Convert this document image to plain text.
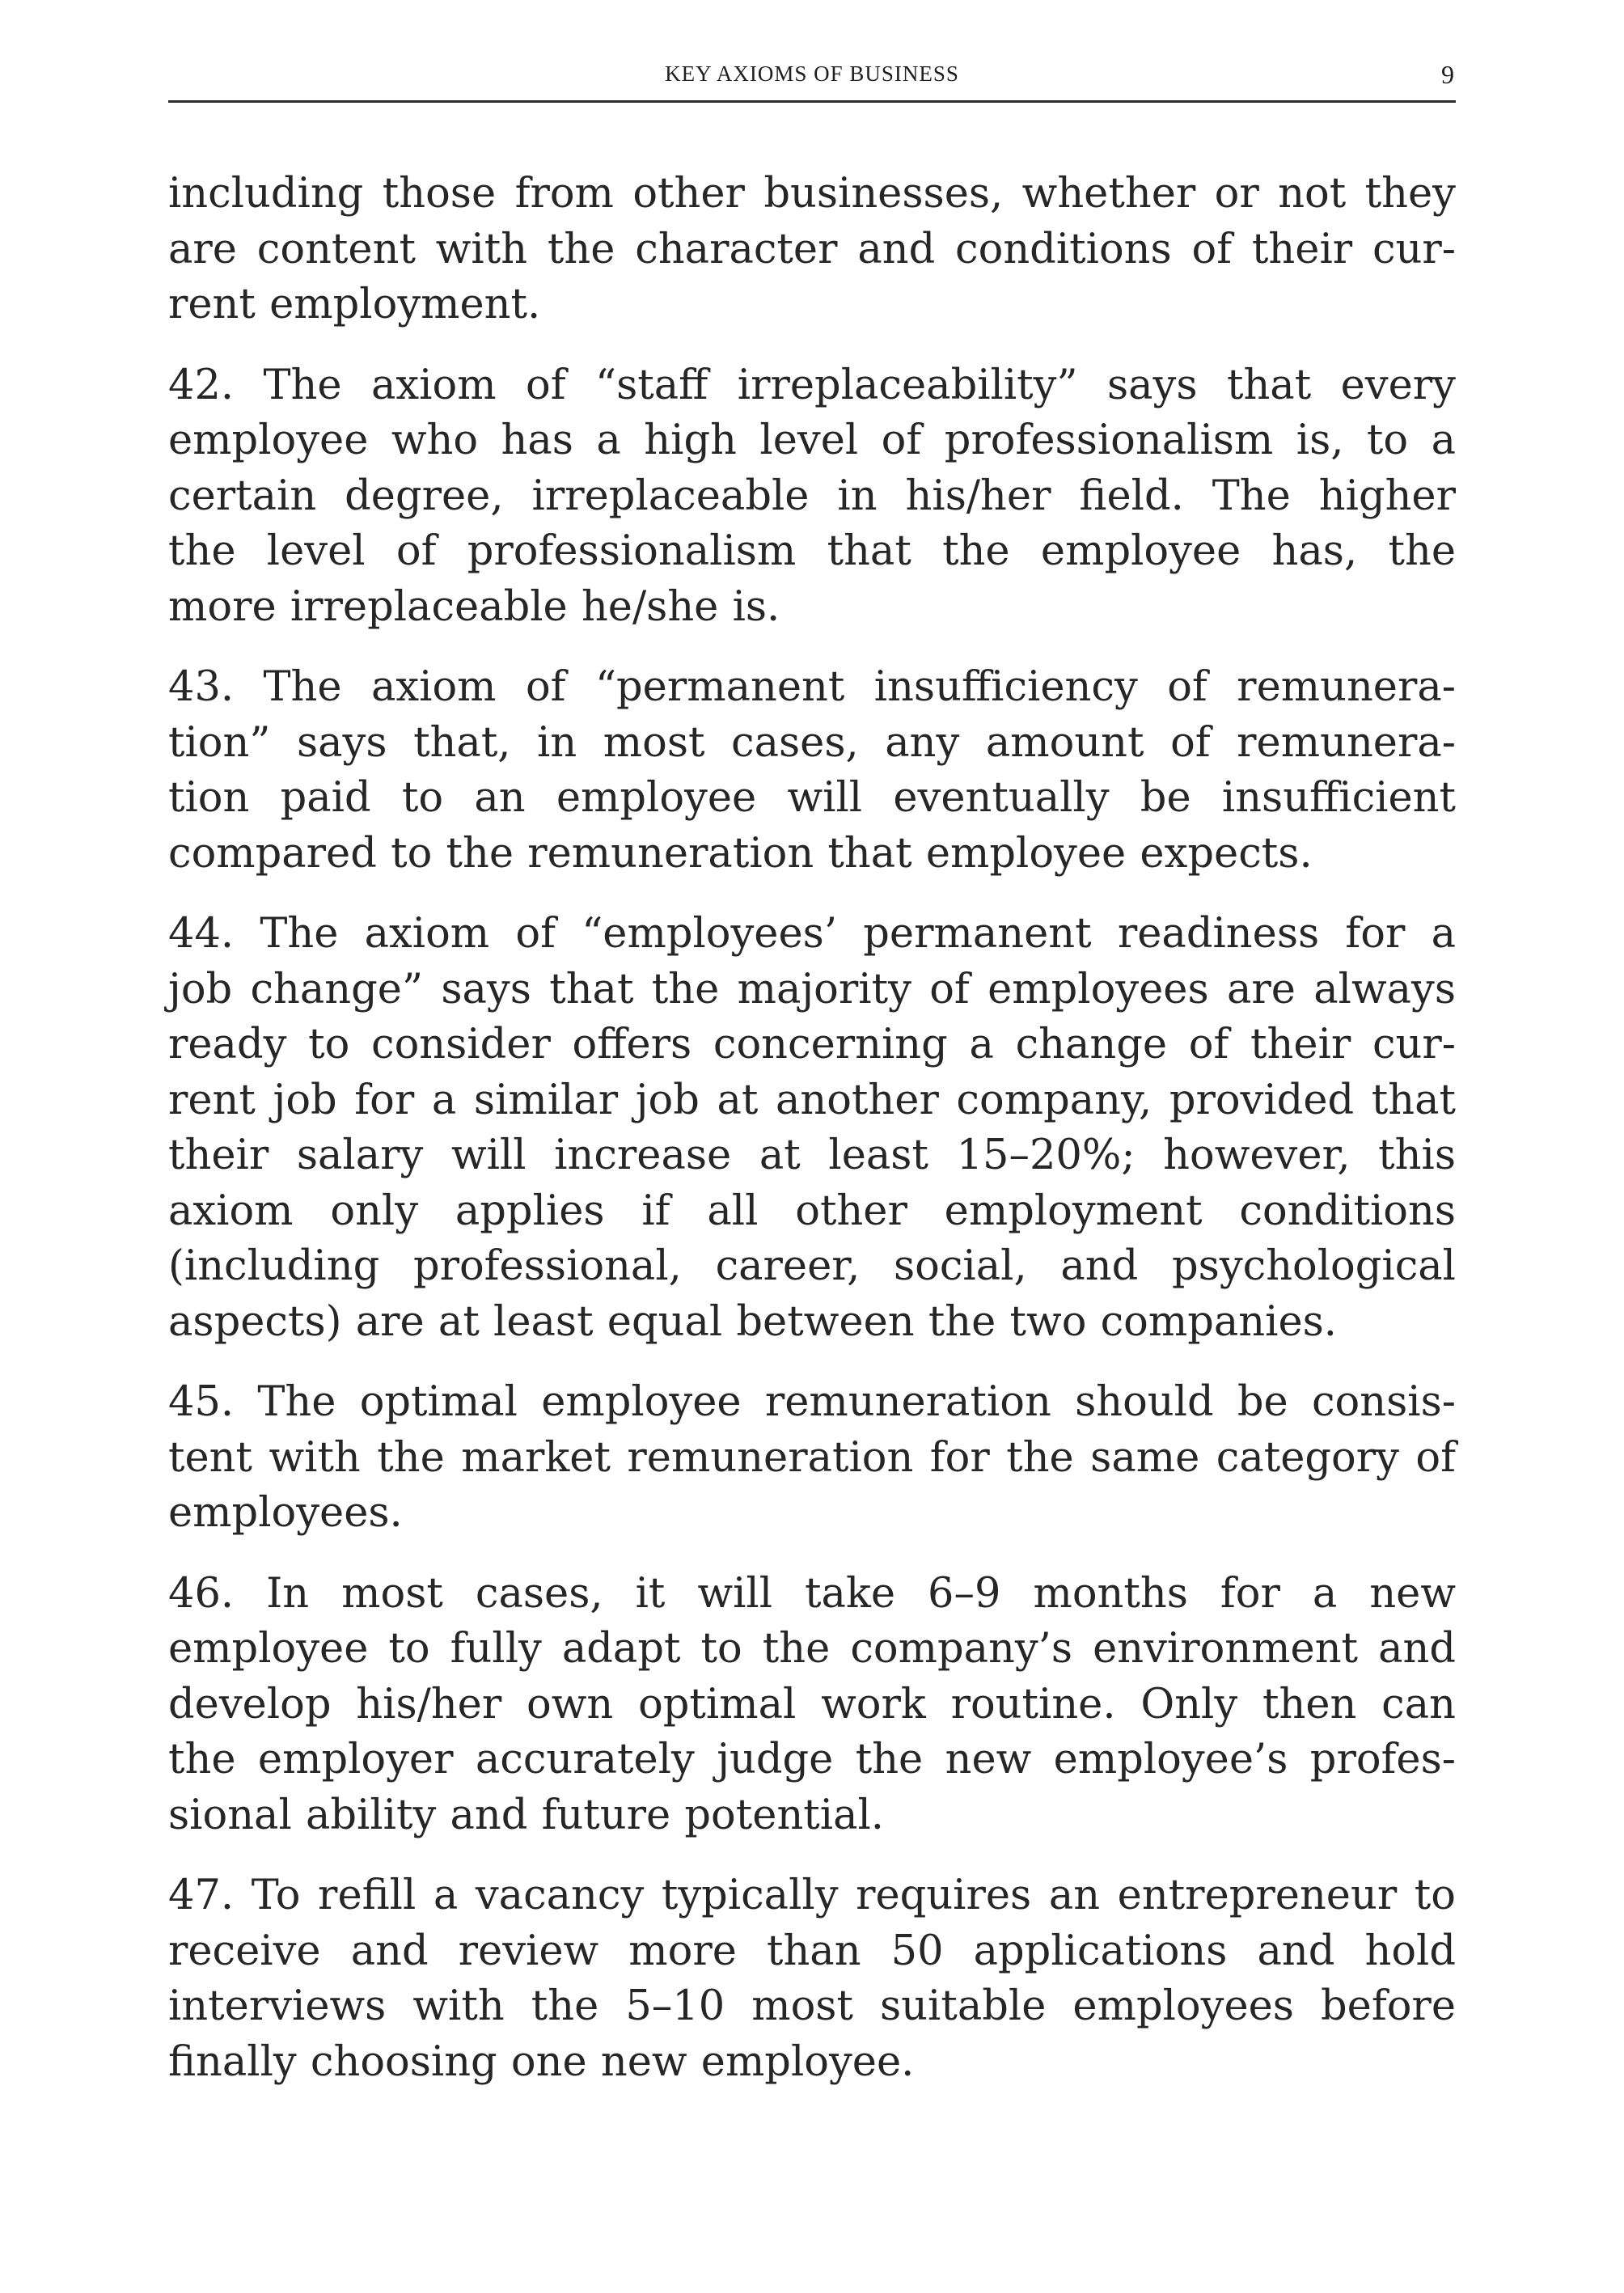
KEY AXIOMS OF BUSINESS	9

including those from other businesses, whether or not they
are content with the character and conditions of their cur-
rent employment.

42. The axiom of “staff irreplaceability” says that every
employee who has a high level of professionalism is, to a
certain degree, irreplaceable in his/her field. The higher
the level of professionalism that the employee has, the
more irreplaceable he/she is.

43. The axiom of “permanent insufficiency of remunera-
tion” says that, in most cases, any amount of remunera-
tion paid to an employee will eventually be insufficient
compared to the remuneration that employee expects.

44. The axiom of “employees’ permanent readiness for a
job change” says that the majority of employees are always
ready to consider offers concerning a change of their cur-
rent job for a similar job at another company, provided that
their salary will increase at least 15–20%; however, this
axiom only applies if all other employment conditions
(including professional, career, social, and psychological
aspects) are at least equal between the two companies.

45. The optimal employee remuneration should be consis-
tent with the market remuneration for the same category of
employees.

46. In most cases, it will take 6–9 months for a new
employee to fully adapt to the company’s environment and
develop his/her own optimal work routine. Only then can
the employer accurately judge the new employee’s profes-
sional ability and future potential.

47. To refill a vacancy typically requires an entrepreneur to
receive and review more than 50 applications and hold
interviews with the 5–10 most suitable employees before
finally choosing one new employee.
